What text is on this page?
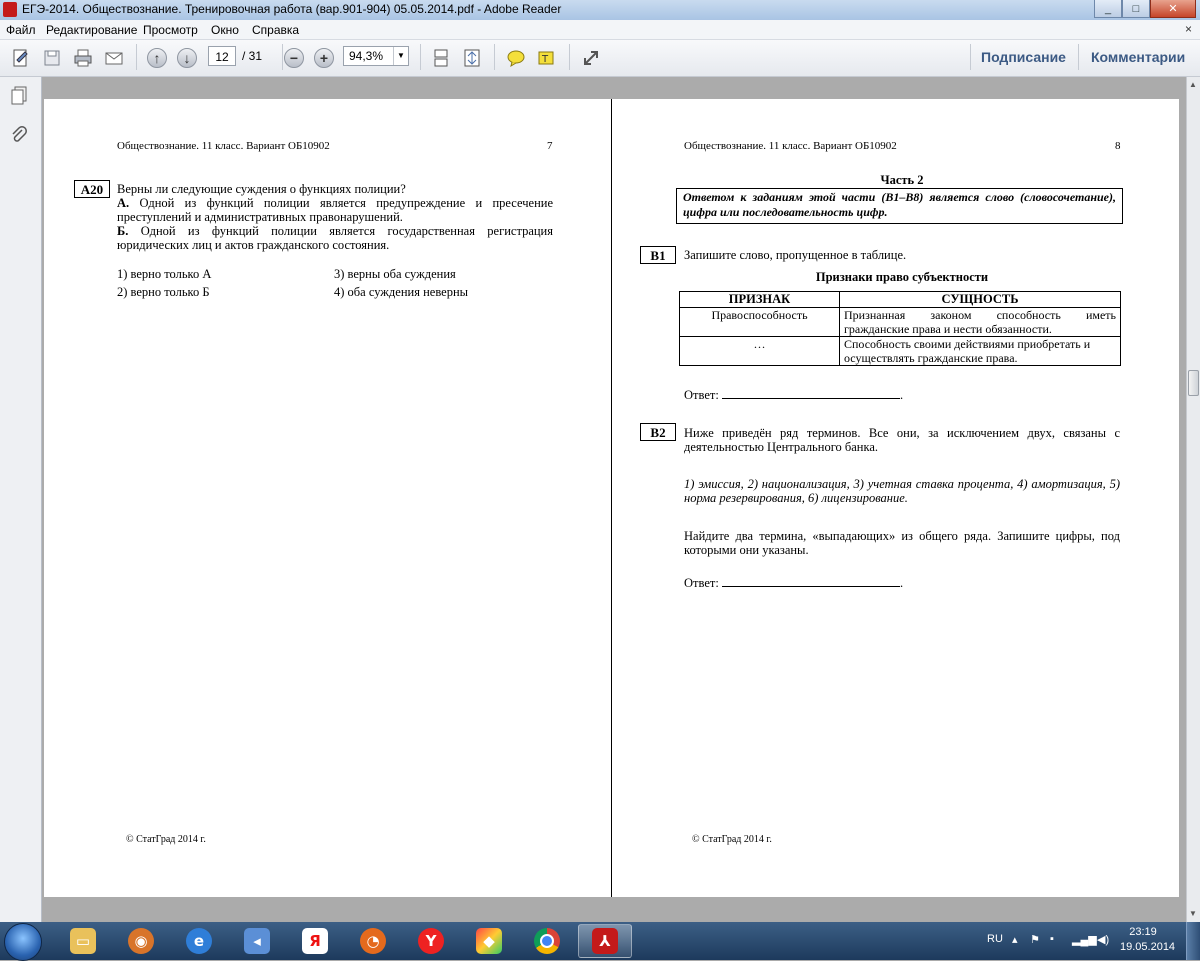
ЕГЭ-2014. Обществознание. Тренировочная работа (вар.901-904) 05.05.2014.pdf - Adobe Reader	_	□	✕
Файл Редактирование Просмотр Окно Справка	×
↑	↓	−	+	T
12	/ 31	94,3%	▼	Подписание Комментарии
Обществознание. 11 класс. Вариант ОБ10902	7
A20	Верны ли следующие суждения о функциях полиции?
А. Одной из функций полиции является предупреждение и пресечение преступлений и административных правонарушений.
Б. Одной из функций полиции является государственная регистрация юридических лиц и актов гражданского состояния.
1) верно только А
2) верно только Б
3) верны оба суждения
4) оба суждения неверны
© СтатГрад 2014 г.
Обществознание. 11 класс. Вариант ОБ10902	8
Часть 2
Ответом к заданиям этой части (В1–В8) является слово (словосочетание), цифра или последовательность цифр.
В1	Запишите слово, пропущенное в таблице.
Признаки право субъектности
ПРИЗНАК	СУЩНОСТЬ
Правоспособность	Признанная законом способность иметь гражданские права и нести обязанности.
…	Способность своими действиями приобретать и осуществлять гражданские права.
Ответ:	.
В2	Ниже приведён ряд терминов. Все они, за исключением двух, связаны с деятельностью Центрального банка.
1) эмиссия, 2) национализация, 3) учетная ставка процента, 4) амортизация, 5) норма резервирования, 6) лицензирование.
Найдите два термина, «выпадающих» из общего ряда. Запишите цифры, под которыми они указаны.
Ответ:	.
© СтатГрад 2014 г.
▲
▼
▭	◉	e	◂	Я	◔	Y	◆	⅄	RU ▴ ⚑ ▪ ▂▄▆ ◀)
23:19
19.05.2014
